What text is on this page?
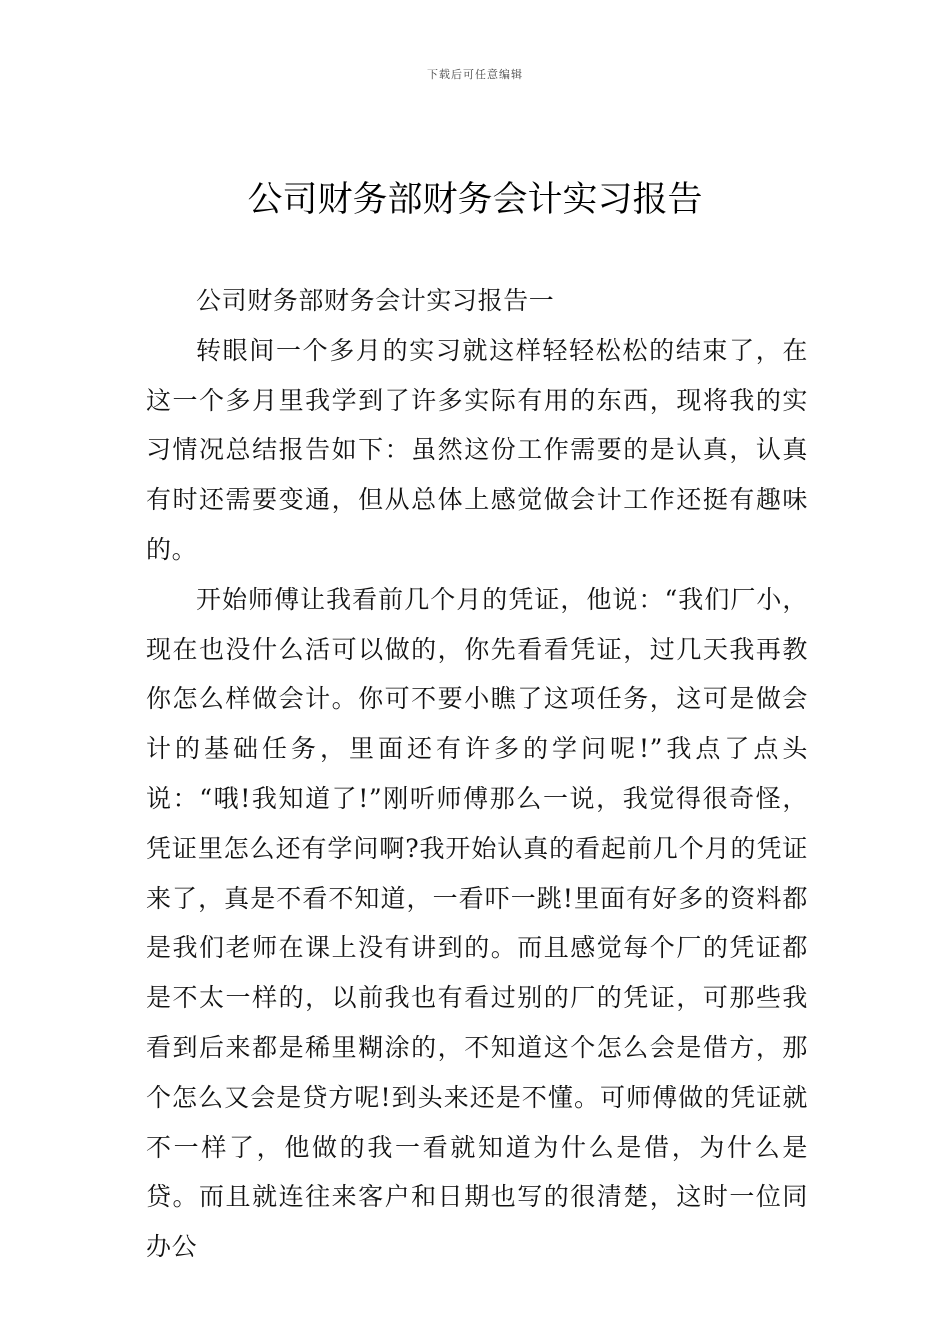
下载后可任意编辑
公司财务部财务会计实习报告

公司财务部财务会计实习报告一

转眼间一个多月的实习就这样轻轻松松的结束了，在这一个多月里我学到了许多实际有用的东西，现将我的实习情况总结报告如下：虽然这份工作需要的是认真，认真有时还需要变通，但从总体上感觉做会计工作还挺有趣味的。

开始师傅让我看前几个月的凭证，他说：“我们厂小，现在也没什么活可以做的，你先看看凭证，过几天我再教你怎么样做会计。你可不要小瞧了这项任务，这可是做会计的基础任务，里面还有许多的学问呢!”我点了点头说：“哦!我知道了!”刚听师傅那么一说，我觉得很奇怪，凭证里怎么还有学问啊?我开始认真的看起前几个月的凭证来了，真是不看不知道，一看吓一跳!里面有好多的资料都是我们老师在课上没有讲到的。而且感觉每个厂的凭证都是不太一样的，以前我也有看过别的厂的凭证，可那些我看到后来都是稀里糊涂的，不知道这个怎么会是借方，那个怎么又会是贷方呢!到头来还是不懂。可师傅做的凭证就不一样了，他做的我一看就知道为什么是借，为什么是贷。而且就连往来客户和日期也写的很清楚，这时一位同办公
